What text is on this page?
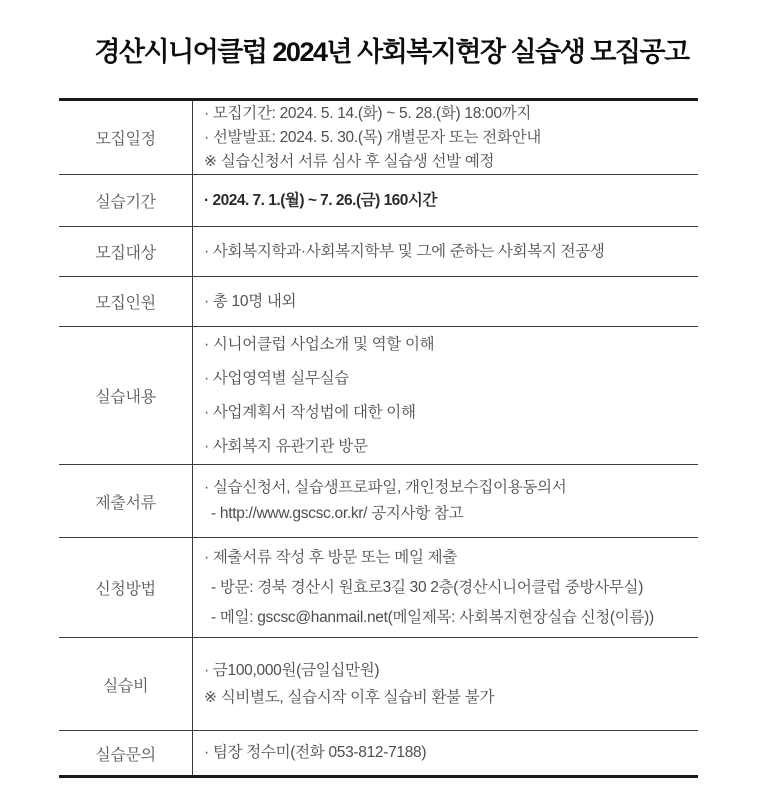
경산시니어클럽 2024년 사회복지현장 실습생 모집공고
모집일정
· 모집기간: 2024. 5. 14.(화) ~ 5. 28.(화) 18:00까지
· 선발발표: 2024. 5. 30.(목) 개별문자 또는 전화안내
※ 실습신청서 서류 심사 후 실습생 선발 예정
실습기간	· 2024. 7. 1.(월) ~ 7. 26.(금) 160시간
모집대상	· 사회복지학과·사회복지학부 및 그에 준하는 사회복지 전공생
모집인원	· 총 10명 내외
실습내용
· 시니어클럽 사업소개 및 역할 이해
· 사업영역별 실무실습
· 사업계획서 작성법에 대한 이해
· 사회복지 유관기관 방문
제출서류
· 실습신청서, 실습생프로파일, 개인정보수집이용동의서
- http://www.gscsc.or.kr/ 공지사항 참고
신청방법
· 제출서류 작성 후 방문 또는 메일 제출
- 방문: 경북 경산시 원효로3길 30 2층(경산시니어클럽 중방사무실)
- 메일: gscsc@hanmail.net(메일제목: 사회복지현장실습 신청(이름))
실습비
· 금100,000원(금일십만원)
※ 식비별도, 실습시작 이후 실습비 환불 불가
실습문의	· 팀장 정수미(전화 053-812-7188)
